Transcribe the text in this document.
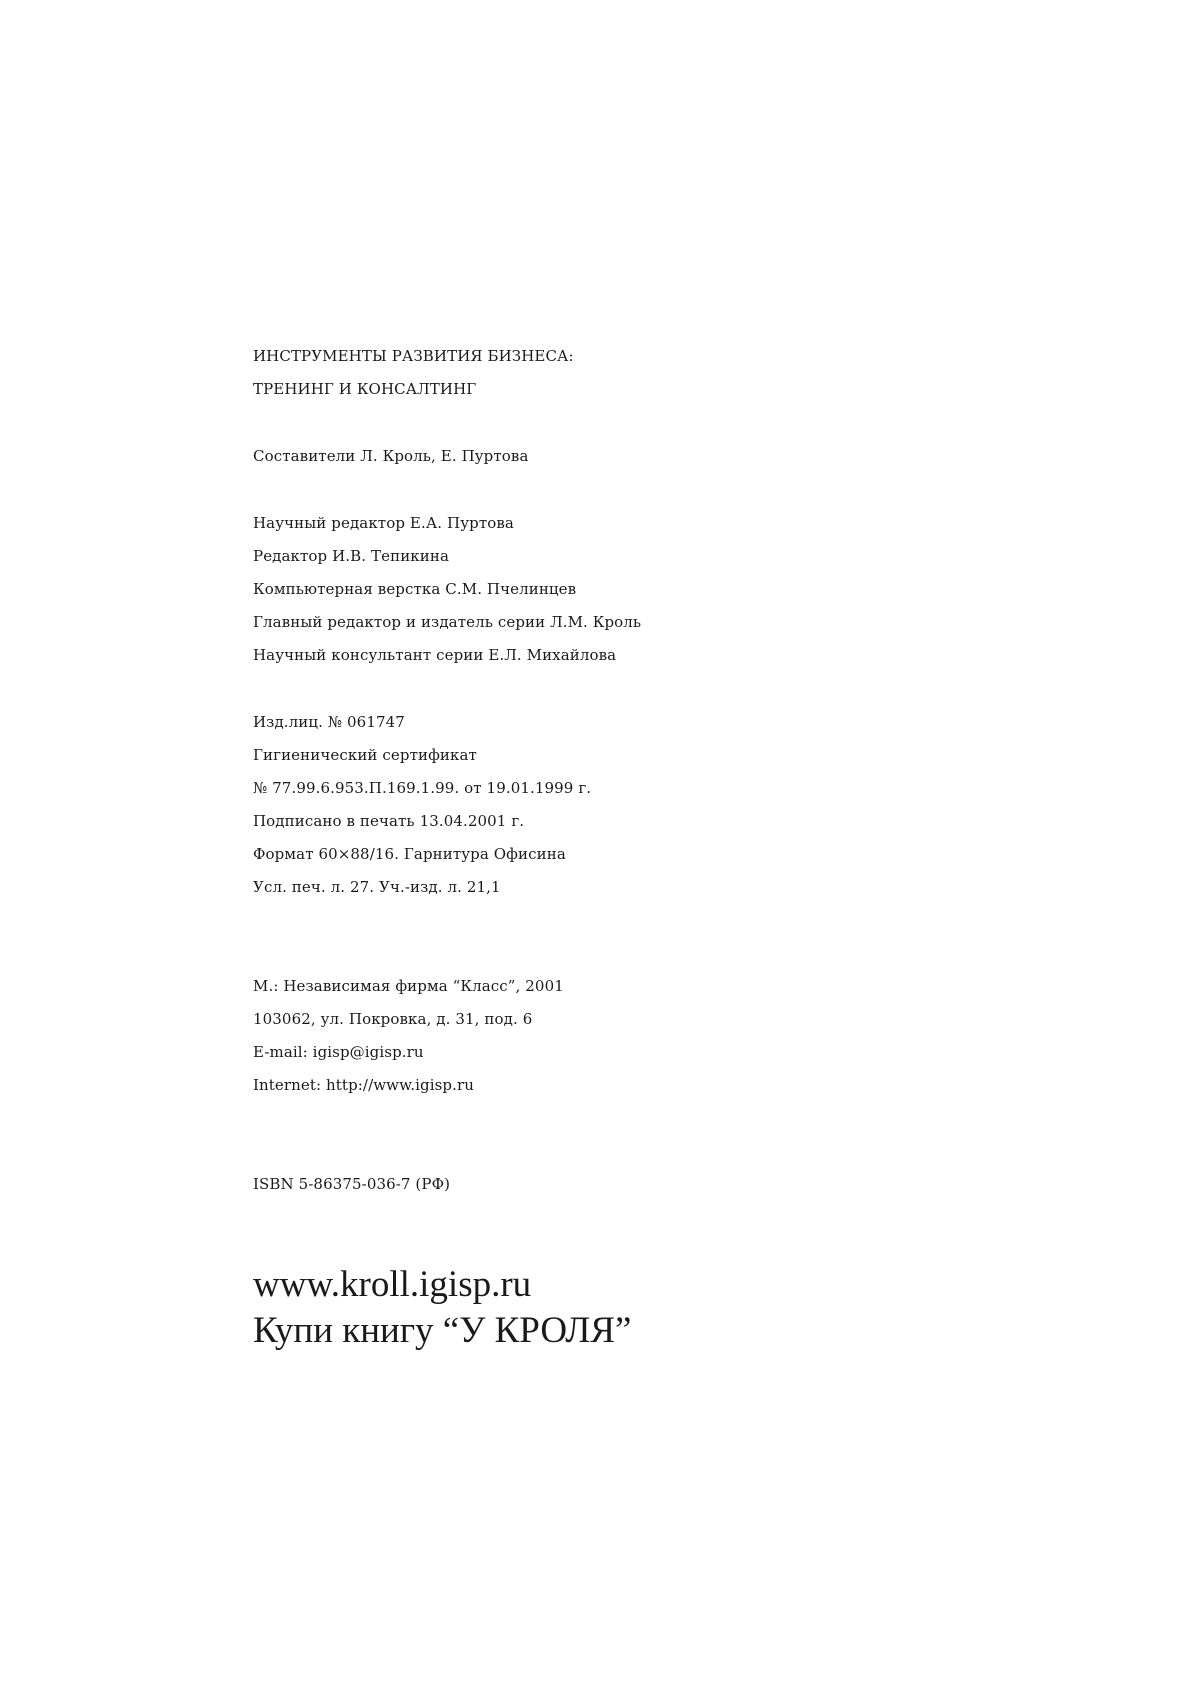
ИНСТРУМЕНТЫ РАЗВИТИЯ БИЗНЕСА:
ТРЕНИНГ И КОНСАЛТИНГ
Составители Л. Кроль, Е. Пуртова
Научный редактор Е.А. Пуртова
Редактор И.В. Тепикина
Компьютерная верстка С.М. Пчелинцев
Главный редактор и издатель серии Л.М. Кроль
Научный консультант серии Е.Л. Михайлова
Изд.лиц. № 061747
Гигиенический сертификат
№ 77.99.6.953.П.169.1.99. от 19.01.1999 г.
Подписано в печать 13.04.2001 г.
Формат 60×88/16. Гарнитура Офисина
Усл. печ. л. 27. Уч.-изд. л. 21,1
М.: Независимая фирма “Класс”, 2001
103062, ул. Покровка, д. 31, под. 6
E-mail: igisp@igisp.ru
Internet: http://www.igisp.ru
ISBN 5-86375-036-7 (РФ)
www.kroll.igisp.ru
Купи книгу “У КРОЛЯ”
